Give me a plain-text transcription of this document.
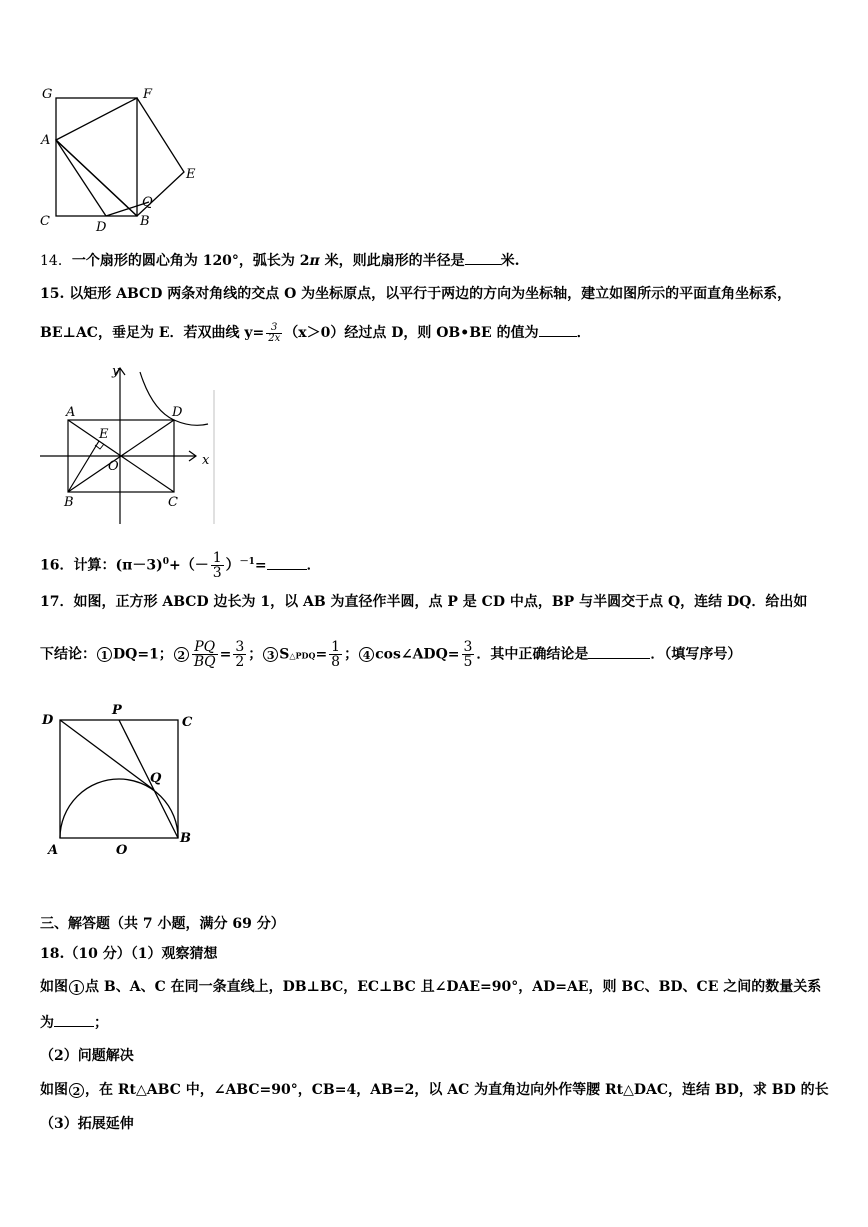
G	F
A
E
C	D	B
Q
14．一个扇形的圆心角为 120°，弧长为 2π 米，则此扇形的半径是	米.
15. 以矩形 ABCD 两条对角线的交点 O 为坐标原点，以平行于两边的方向为坐标轴，建立如图所示的平面直角坐标系，
BE⊥AC，垂足为 E．若双曲线 $y= \frac{3}{2x} (x>0)$经过点 D，则 OB•BE 的值为	．
y
A	D
E
O	x
B	C
16．计算：$(\pi-3)^0+(- \frac{1}{3} )^{-1}=$	．
17．如图，正方形 ABCD 边长为 1，以 AB 为直径作半圆，点 P 是 CD 中点，BP 与半圆交于点 Q，连结 DQ．给出如
下结论： 1 DQ=1； $2 \frac{PQ}{BQ} = \frac{3}{2}$ ； 3 S△PDQ= $\frac{1}{8}$ ； 4 cos∠ADQ= $\frac{3}{5}$ ．其中正确结论是	．（填写序号）
D
P
C
Q
A	O
B
三、解答题（共 7 小题，满分 69 分）
18.（10 分）（1）观察猜想
如图 1 点 B、A、C 在同一条直线上，DB⊥BC，EC⊥BC 且∠DAE=90°，AD=AE，则 BC、BD、CE 之间的数量关系
为	；
（2）问题解决
如图 2 ，在 Rt△ABC 中，∠ABC=90°，CB=4，AB=2，以 AC 为直角边向外作等腰 Rt△DAC，连结 BD，求 BD 的长
（3）拓展延伸
